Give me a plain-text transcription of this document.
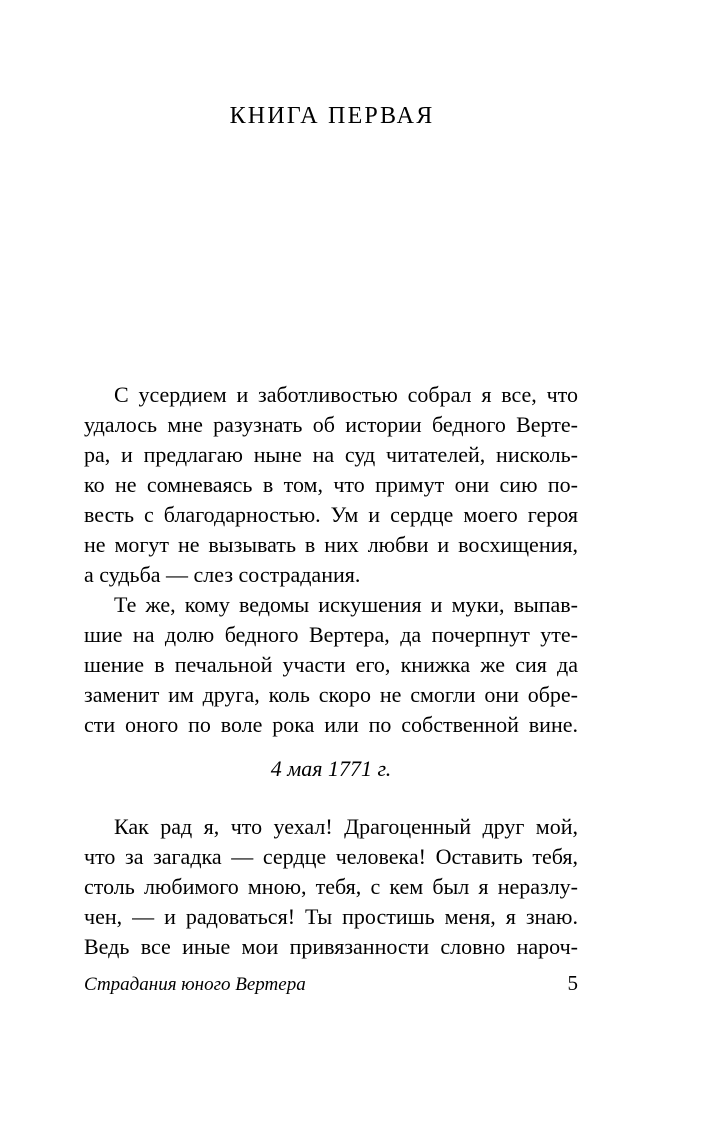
КНИГА ПЕРВАЯ
С усердием и заботливостью собрал я все, что
удалось мне разузнать об истории бедного Верте-
ра, и предлагаю ныне на суд читателей, нисколь-
ко не сомневаясь в том, что примут они сию по-
весть с благодарностью. Ум и сердце моего героя
не могут не вызывать в них любви и восхищения,
а судьба — слез сострадания.
Те же, кому ведомы искушения и муки, выпав-
шие на долю бедного Вертера, да почерпнут уте-
шение в печальной участи его, книжка же сия да
заменит им друга, коль скоро не смогли они обре-
сти оного по воле рока или по собственной вине.
4 мая 1771 г.
Как рад я, что уехал! Драгоценный друг мой,
что за загадка — сердце человека! Оставить тебя,
столь любимого мною, тебя, с кем был я неразлу-
чен, — и радоваться! Ты простишь меня, я знаю.
Ведь все иные мои привязанности словно нароч-
Страдания юного Вертера	5
